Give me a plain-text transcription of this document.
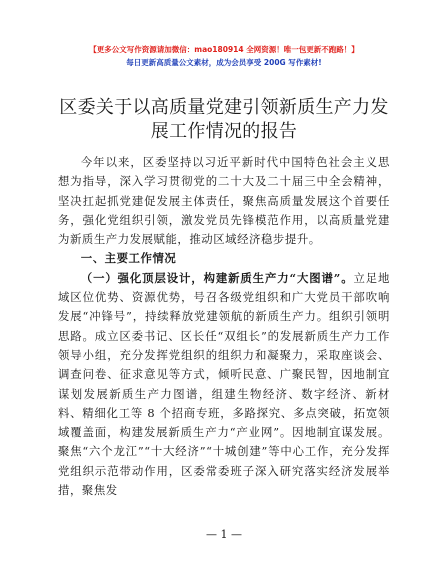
【更多公文写作资源请加微信：mao180914 全网资源！唯一包更新不跑路！】
每日更新高质量公文素材，成为会员享受 200G 写作素材!
区委关于以高质量党建引领新质生产力发展工作情况的报告

今年以来，区委坚持以习近平新时代中国特色社会主义思想为指导，深入学习贯彻党的二十大及二十届三中全会精神，坚决扛起抓党建促发展主体责任，聚焦高质量发展这个首要任务，强化党组织引领，激发党员先锋模范作用，以高质量党建为新质生产力发展赋能，推动区域经济稳步提升。

一、主要工作情况

（一）强化顶层设计，构建新质生产力“大图谱”。立足地域区位优势、资源优势，号召各级党组织和广大党员干部吹响发展“冲锋号”，持续释放党建领航的新质生产力。组织引领明思路。成立区委书记、区长任“双组长”的发展新质生产力工作领导小组，充分发挥党组织的组织力和凝聚力，采取座谈会、调查问卷、征求意见等方式，倾听民意、广聚民智，因地制宜谋划发展新质生产力图谱，组建生物经济、数字经济、新材料、精细化工等 8 个招商专班，多路探究、多点突破，拓宽领域覆盖面，构建发展新质生产力“产业网”。因地制宜谋发展。聚焦“六个龙江”“十大经济”“十城创建”等中心工作，充分发挥党组织示范带动作用，区委常委班子深入研究落实经济发展举措，聚焦发

— 1 —
